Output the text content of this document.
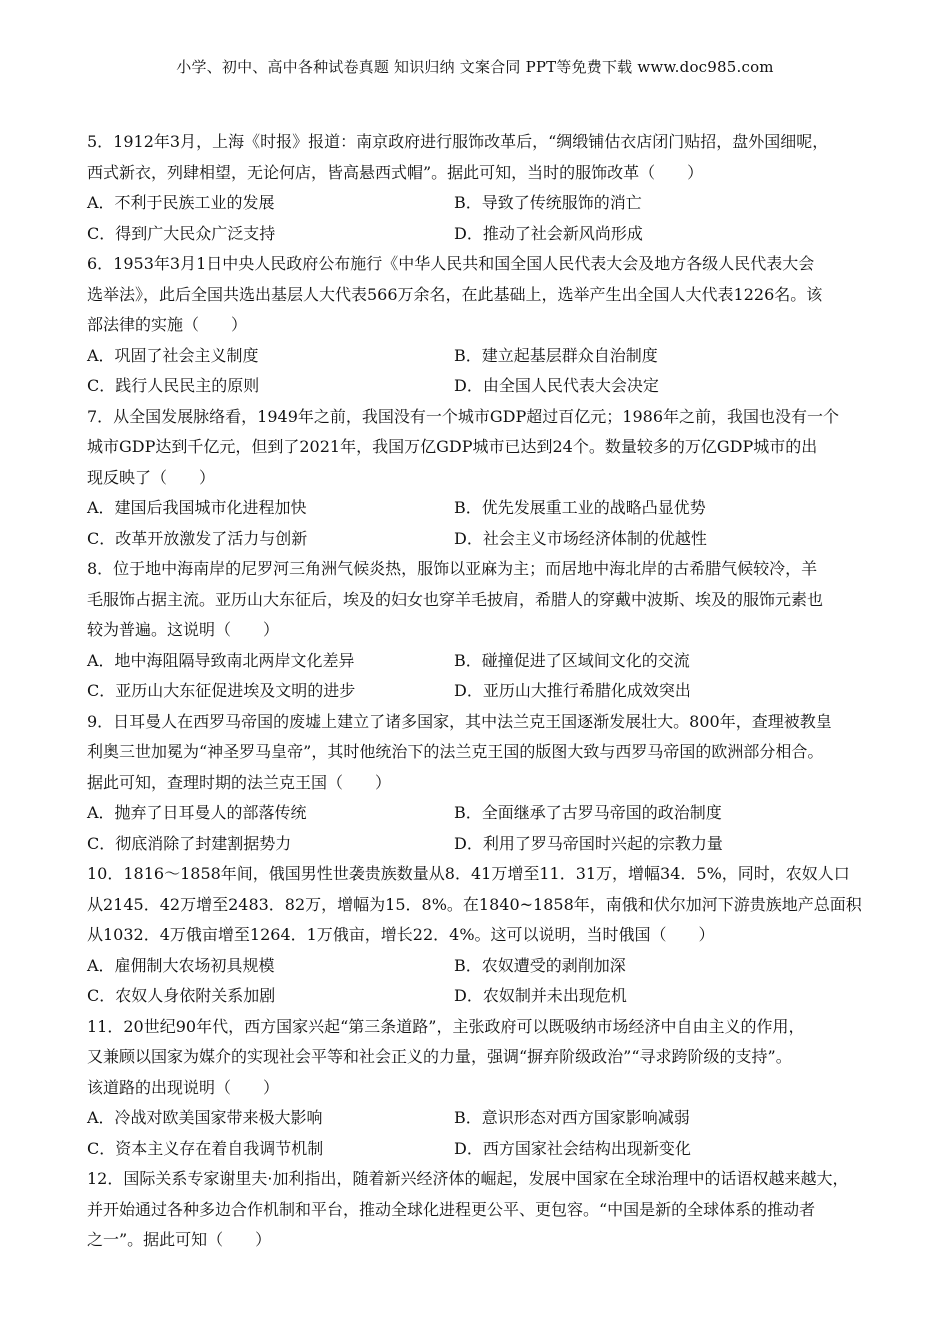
小学、初中、高中各种试卷真题 知识归纳 文案合同 PPT等免费下载 www.doc985.com
5．1912年3月，上海《时报》报道：南京政府进行服饰改革后，“绸缎铺估衣店闭门贴招，盘外国细呢，
西式新衣，列肆相望，无论何店，皆高悬西式帽”。据此可知，当时的服饰改革（　　）
A．不利于民族工业的发展	B．导致了传统服饰的消亡
C．得到广大民众广泛支持	D．推动了社会新风尚形成
6．1953年3月1日中央人民政府公布施行《中华人民共和国全国人民代表大会及地方各级人民代表大会
选举法》，此后全国共选出基层人大代表566万余名，在此基础上，选举产生出全国人大代表1226名。该
部法律的实施（　　）
A．巩固了社会主义制度	B．建立起基层群众自治制度
C．践行人民民主的原则	D．由全国人民代表大会决定
7．从全国发展脉络看，1949年之前，我国没有一个城市GDP超过百亿元；1986年之前，我国也没有一个
城市GDP达到千亿元，但到了2021年，我国万亿GDP城市已达到24个。数量较多的万亿GDP城市的出
现反映了（　　）
A．建国后我国城市化进程加快	B．优先发展重工业的战略凸显优势
C．改革开放激发了活力与创新	D．社会主义市场经济体制的优越性
8．位于地中海南岸的尼罗河三角洲气候炎热，服饰以亚麻为主；而居地中海北岸的古希腊气候较冷，羊
毛服饰占据主流。亚历山大东征后，埃及的妇女也穿羊毛披肩，希腊人的穿戴中波斯、埃及的服饰元素也
较为普遍。这说明（　　）
A．地中海阻隔导致南北两岸文化差异	B．碰撞促进了区域间文化的交流
C．亚历山大东征促进埃及文明的进步	D．亚历山大推行希腊化成效突出
9．日耳曼人在西罗马帝国的废墟上建立了诸多国家，其中法兰克王国逐渐发展壮大。800年，查理被教皇
利奥三世加冕为“神圣罗马皇帝”，其时他统治下的法兰克王国的版图大致与西罗马帝国的欧洲部分相合。
据此可知，查理时期的法兰克王国（　　）
A．抛弃了日耳曼人的部落传统	B．全面继承了古罗马帝国的政治制度
C．彻底消除了封建割据势力	D．利用了罗马帝国时兴起的宗教力量
10．1816～1858年间，俄国男性世袭贵族数量从8．41万增至11．31万，增幅34．5%，同时，农奴人口
从2145．42万增至2483．82万，增幅为15．8%。在1840~1858年，南俄和伏尔加河下游贵族地产总面积
从1032．4万俄亩增至1264．1万俄亩，增长22．4%。这可以说明，当时俄国（　　）
A．雇佣制大农场初具规模	B．农奴遭受的剥削加深
C．农奴人身依附关系加剧	D．农奴制并未出现危机
11．20世纪90年代，西方国家兴起“第三条道路”，主张政府可以既吸纳市场经济中自由主义的作用，
又兼顾以国家为媒介的实现社会平等和社会正义的力量，强调“摒弃阶级政治”“寻求跨阶级的支持”。
该道路的出现说明（　　）
A．冷战对欧美国家带来极大影响	B．意识形态对西方国家影响减弱
C．资本主义存在着自我调节机制	D．西方国家社会结构出现新变化
12．国际关系专家谢里夫·加利指出，随着新兴经济体的崛起，发展中国家在全球治理中的话语权越来越大，
并开始通过各种多边合作机制和平台，推动全球化进程更公平、更包容。“中国是新的全球体系的推动者
之一”。据此可知（　　）
